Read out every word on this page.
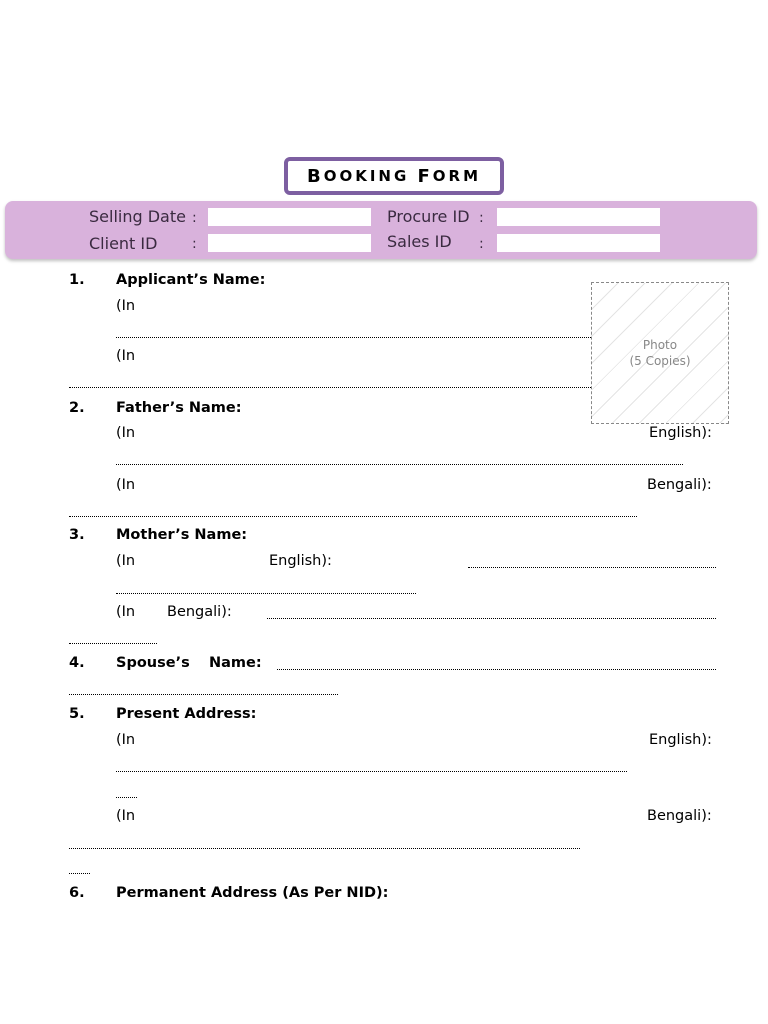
B OOKING
F ORM
Selling Date :	Procure ID :
Client ID :	Sales ID :
Photo
(5 Copies)
1. Applicant’s Name:
(In
(In
2. Father’s Name:
(In	English):
(In	Bengali):
3. Mother’s Name:
(In	English):
(In Bengali):
4. Spouse’s Name:
5. Present Address:
(In	English):
(In	Bengali):
6. Permanent Address (As Per NID):
